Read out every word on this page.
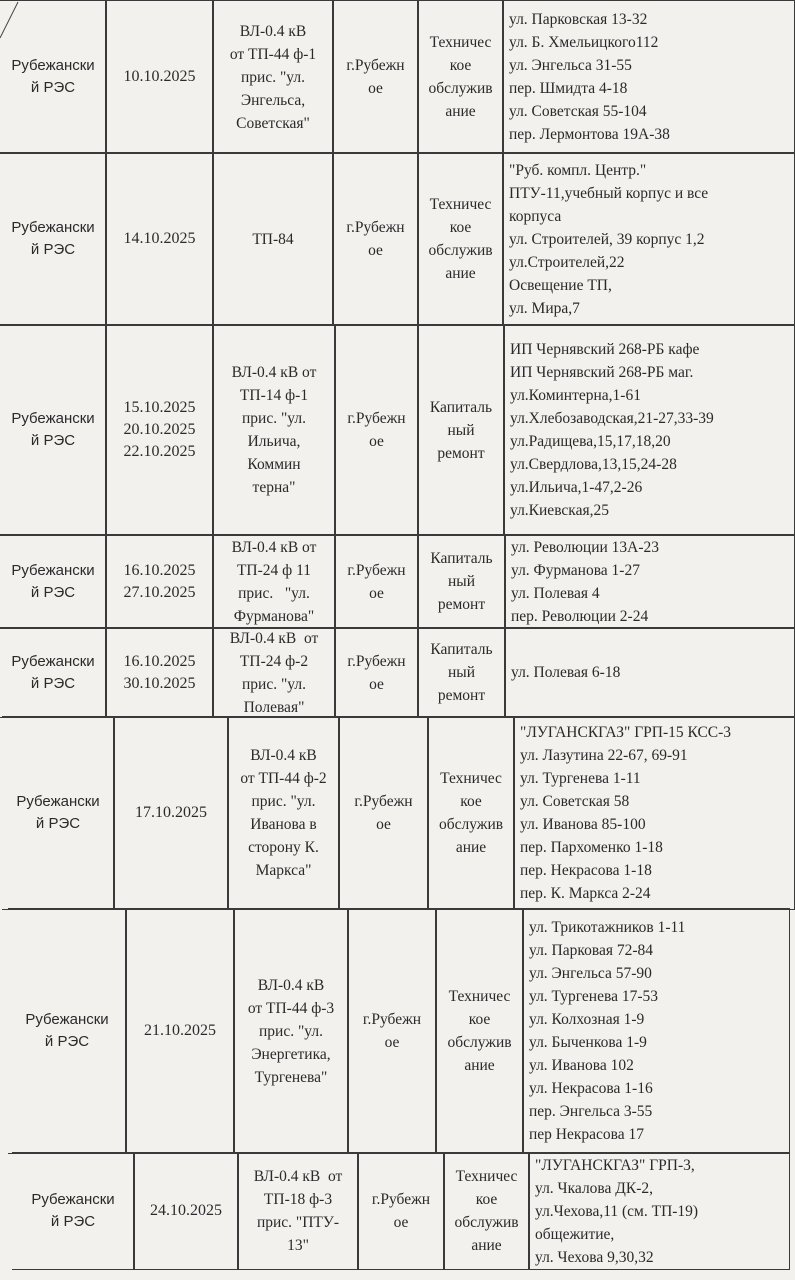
Рубежански
й РЭС
10.10.2025
ВЛ-0.4 кВ
от ТП-44 ф-1
прис. "ул.
Энгельса,
Советская"
г.Рубежн
ое
Техничес
кое
обслужив
ание
ул. Парковская 13-32
ул. Б. Хмельицкого112
ул. Энгельса 31-55
пер. Шмидта 4-18
ул. Советская 55-104
пер. Лермонтова 19А-38
Рубежански
й РЭС
14.10.2025	ТП-84
г.Рубежн
ое
Техничес
кое
обслужив
ание
"Руб. компл. Центр."
ПТУ-11,учебный корпус и все
корпуса
ул. Строителей, 39 корпус 1,2
ул.Строителей,22
Освещение ТП,
ул. Мира,7
Рубежански
й РЭС
15.10.2025
20.10.2025
22.10.2025
ВЛ-0.4 кВ от
ТП-14 ф-1
прис. "ул.
Ильича,
Коммин
терна"
г.Рубежн
ое
Капиталь
ный
ремонт
ИП Чернявский 268-РБ кафе
ИП Чернявский 268-РБ маг.
ул.Коминтерна,1-61
ул.Хлебозаводская,21-27,33-39
ул.Радищева,15,17,18,20
ул.Свердлова,13,15,24-28
ул.Ильича,1-47,2-26
ул.Киевская,25
Рубежански
й РЭС
16.10.2025
27.10.2025
ВЛ-0.4 кВ от
ТП-24 ф 11
прис.   "ул.
Фурманова"
г.Рубежн
ое
Капиталь
ный
ремонт
ул. Революции 13А-23
ул. Фурманова 1-27
ул. Полевая 4
пер. Революции 2-24
Рубежански
й РЭС
16.10.2025
30.10.2025
ВЛ-0.4 кВ  от
ТП-24 ф-2
прис. "ул.
Полевая"
г.Рубежн
ое
Капиталь
ный
ремонт
ул. Полевая 6-18
Рубежански
й РЭС
17.10.2025
ВЛ-0.4 кВ
от ТП-44 ф-2
прис. "ул.
Иванова в
сторону К.
Маркса"
г.Рубежн
ое
Техничес
кое
обслужив
ание
"ЛУГАНСКГАЗ" ГРП-15 КСС-3
ул. Лазутина 22-67, 69-91
ул. Тургенева 1-11
ул. Советская 58
ул. Иванова 85-100
пер. Пархоменко 1-18
пер. Некрасова 1-18
пер. К. Маркса 2-24
Рубежански
й РЭС
21.10.2025
ВЛ-0.4 кВ
от ТП-44 ф-3
прис. "ул.
Энергетика,
Тургенева"
г.Рубежн
ое
Техничес
кое
обслужив
ание
ул. Трикотажников 1-11
ул. Парковая 72-84
ул. Энгельса 57-90
ул. Тургенева 17-53
ул. Колхозная 1-9
ул. Быченкова 1-9
ул. Иванова 102
ул. Некрасова 1-16
пер. Энгельса 3-55
пер Некрасова 17
Рубежански
й РЭС
24.10.2025
ВЛ-0.4 кВ  от
ТП-18 ф-3
прис. "ПТУ-
13"
г.Рубежн
ое
Техничес
кое
обслужив
ание
"ЛУГАНСКГАЗ" ГРП-3,
ул. Чкалова ДК-2,
ул.Чехова,11 (см. ТП-19)
общежитие,
ул. Чехова 9,30,32
